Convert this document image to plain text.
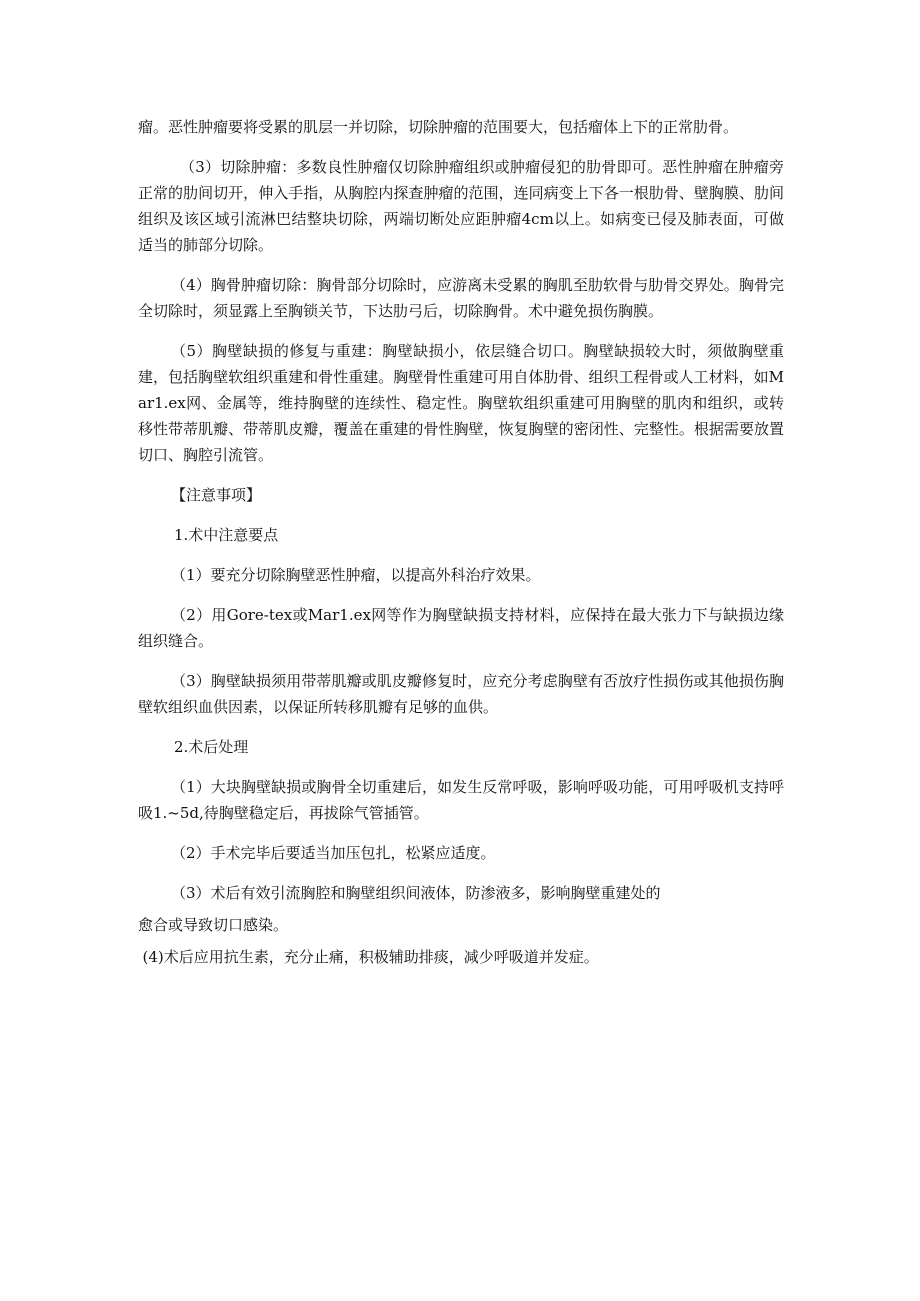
瘤。恶性肿瘤要将受累的肌层一并切除，切除肿瘤的范围要大，包括瘤体上下的正常肋骨。

（3）切除肿瘤：多数良性肿瘤仅切除肿瘤组织或肿瘤侵犯的肋骨即可。恶性肿瘤在肿瘤旁正常的肋间切开，伸入手指，从胸腔内探查肿瘤的范围，连同病变上下各一根肋骨、壁胸膜、肋间组织及该区域引流淋巴结整块切除，两端切断处应距肿瘤4cm以上。如病变已侵及肺表面，可做适当的肺部分切除。

（4）胸骨肿瘤切除：胸骨部分切除时，应游离未受累的胸肌至肋软骨与肋骨交界处。胸骨完全切除时，须显露上至胸锁关节，下达肋弓后，切除胸骨。术中避免损伤胸膜。

（5）胸壁缺损的修复与重建：胸壁缺损小，依层缝合切口。胸壁缺损较大时，须做胸壁重建，包括胸壁软组织重建和骨性重建。胸壁骨性重建可用自体肋骨、组织工程骨或人工材料，如Mar1.ex网、金属等，维持胸壁的连续性、稳定性。胸壁软组织重建可用胸壁的肌肉和组织，或转移性带蒂肌瓣、带蒂肌皮瓣，覆盖在重建的骨性胸壁，恢复胸壁的密闭性、完整性。根据需要放置切口、胸腔引流管。

【注意事项】

1.术中注意要点

（1）要充分切除胸壁恶性肿瘤，以提高外科治疗效果。

（2）用Gore-tex或Mar1.ex网等作为胸壁缺损支持材料，应保持在最大张力下与缺损边缘组织缝合。

（3）胸壁缺损须用带蒂肌瓣或肌皮瓣修复时，应充分考虑胸壁有否放疗性损伤或其他损伤胸壁软组织血供因素，以保证所转移肌瓣有足够的血供。

2.术后处理

（1）大块胸壁缺损或胸骨全切重建后，如发生反常呼吸，影响呼吸功能，可用呼吸机支持呼吸1.~5d,待胸壁稳定后，再拔除气管插管。

（2）手术完毕后要适当加压包扎，松紧应适度。

（3）术后有效引流胸腔和胸壁组织间液体，防渗液多，影响胸壁重建处的

愈合或导致切口感染。

(4)术后应用抗生素，充分止痛，积极辅助排痰，减少呼吸道并发症。
